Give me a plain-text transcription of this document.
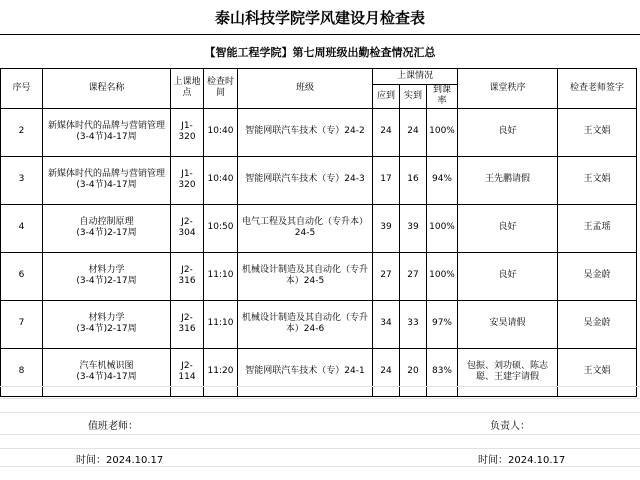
泰山科技学院学风建设月检查表
【智能工程学院】第七周班级出勤检查情况汇总
序号	课程名称	上课地点	检查时间	班级	上课情况			课堂秩序	检查老师签字
					应到	实到	到课率		
2	新媒体时代的品牌与营销管理
(3-4节)4-17周	J1-320	10:40	智能网联汽车技术（专）24-2	24	24	100%	良好	王文娟
3	新媒体时代的品牌与营销管理
(3-4节)4-17周	J1-320	10:40	智能网联汽车技术（专）24-3	17	16	94%	王先鹏请假	王文娟
4	自动控制原理
(3-4节)2-17周	J2-304	10:50	电气工程及其自动化（专升本）24-5	39	39	100%	良好	王孟瑶
6	材料力学
(3-4节)2-17周	J2-316	11:10	机械设计制造及其自动化（专升本）24-5	27	27	100%	良好	吴金蔚
7	材料力学
(3-4节)2-17周	J2-316	11:10	机械设计制造及其自动化（专升本）24-6	34	33	97%	安昊请假	吴金蔚
8	汽车机械识图
(3-4节)4-17周	J2-114	11:20	智能网联汽车技术（专）24-1	24	20	83%	包振、刘功硕、陈志聪、王建宇请假	王文娟
值班老师：	负责人：
时间：2024.10.17	时间：2024.10.17
